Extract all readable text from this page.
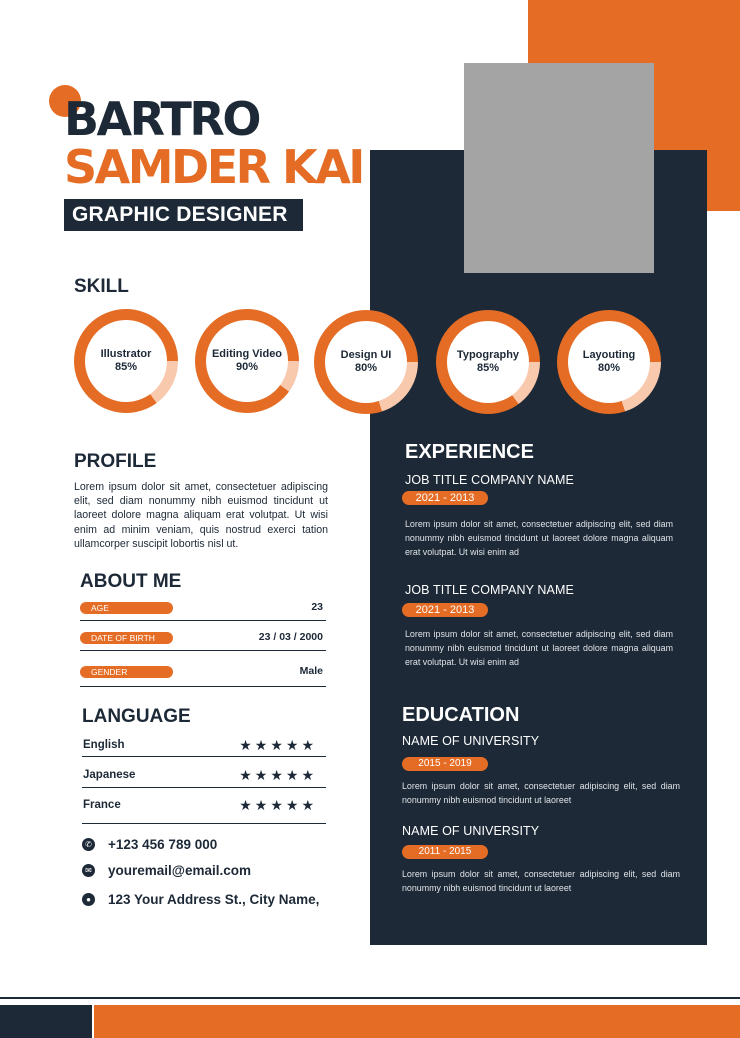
BARTRO
SAMDER KAI
GRAPHIC DESIGNER
SKILL
Illustrator
85%
Editing Video
90%
Design UI
80%
Typography
85%
Layouting
80%
PROFILE
Lorem ipsum dolor sit amet, consectetuer adipiscing elit, sed diam nonummy nibh euismod tincidunt ut laoreet dolore magna aliquam erat volutpat. Ut wisi enim ad minim veniam, quis nostrud exerci tation ullamcorper suscipit lobortis nisl ut.
ABOUT ME
AGE	23
DATE OF BIRTH	23 / 03 / 2000
GENDER	Male
LANGUAGE
English	★★★★★
Japanese	★★★★★
France	★★★★★
✆ +123 456 789 000
✉ youremail@email.com
●	123 Your Address St., City Name,
EXPERIENCE
JOB TITLE COMPANY NAME
2021 - 2013
Lorem ipsum dolor sit amet, consectetuer adipiscing elit, sed diam nonummy nibh euismod tincidunt ut laoreet dolore magna aliquam erat volutpat. Ut wisi enim ad
JOB TITLE COMPANY NAME
2021 - 2013
Lorem ipsum dolor sit amet, consectetuer adipiscing elit, sed diam nonummy nibh euismod tincidunt ut laoreet dolore magna aliquam erat volutpat. Ut wisi enim ad
EDUCATION
NAME OF UNIVERSITY
2015 - 2019
Lorem ipsum dolor sit amet, consectetuer adipiscing elit, sed diam nonummy nibh euismod tincidunt ut laoreet
NAME OF UNIVERSITY
2011 - 2015
Lorem ipsum dolor sit amet, consectetuer adipiscing elit, sed diam nonummy nibh euismod tincidunt ut laoreet
